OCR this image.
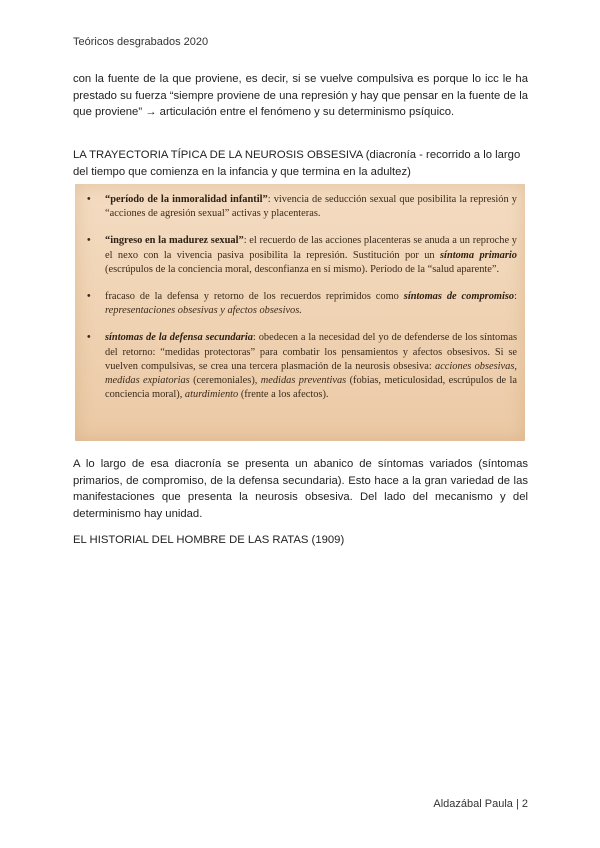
Teóricos desgrabados 2020

con la fuente de la que proviene, es decir, si se vuelve compulsiva es porque lo icc le ha prestado su fuerza “siempre proviene de una represión y hay que pensar en la fuente de la que proviene” → articulación entre el fenómeno y su determinismo psíquico.

LA TRAYECTORIA TÍPICA DE LA NEUROSIS OBSESIVA (diacronía - recorrido a lo largo del tiempo que comienza en la infancia y que termina en la adultez)

• “período de la inmoralidad infantil”: vivencia de seducción sexual que posibilita la represión y “acciones de agresión sexual” activas y placenteras.
• “ingreso en la madurez sexual”: el recuerdo de las acciones placenteras se anuda a un reproche y el nexo con la vivencia pasiva posibilita la represión. Sustitución por un síntoma primario (escrúpulos de la conciencia moral, desconfianza en sí mismo). Período de la “salud aparente”.
• fracaso de la defensa y retorno de los recuerdos reprimidos como síntomas de compromiso: representaciones obsesivas y afectos obsesivos.
• síntomas de la defensa secundaria: obedecen a la necesidad del yo de defenderse de los síntomas del retorno: “medidas protectoras” para combatir los pensamientos y afectos obsesivos. Si se vuelven compulsivas, se crea una tercera plasmación de la neurosis obsesiva: acciones obsesivas, medidas expiatorias (ceremoniales), medidas preventivas (fobias, meticulosidad, escrúpulos de la conciencia moral), aturdimiento (frente a los afectos).

A lo largo de esa diacronía se presenta un abanico de síntomas variados (síntomas primarios, de compromiso, de la defensa secundaria). Esto hace a la gran variedad de las manifestaciones que presenta la neurosis obsesiva. Del lado del mecanismo y del determinismo hay unidad.

EL HISTORIAL DEL HOMBRE DE LAS RATAS (1909)

Aldazábal Paula | 2
